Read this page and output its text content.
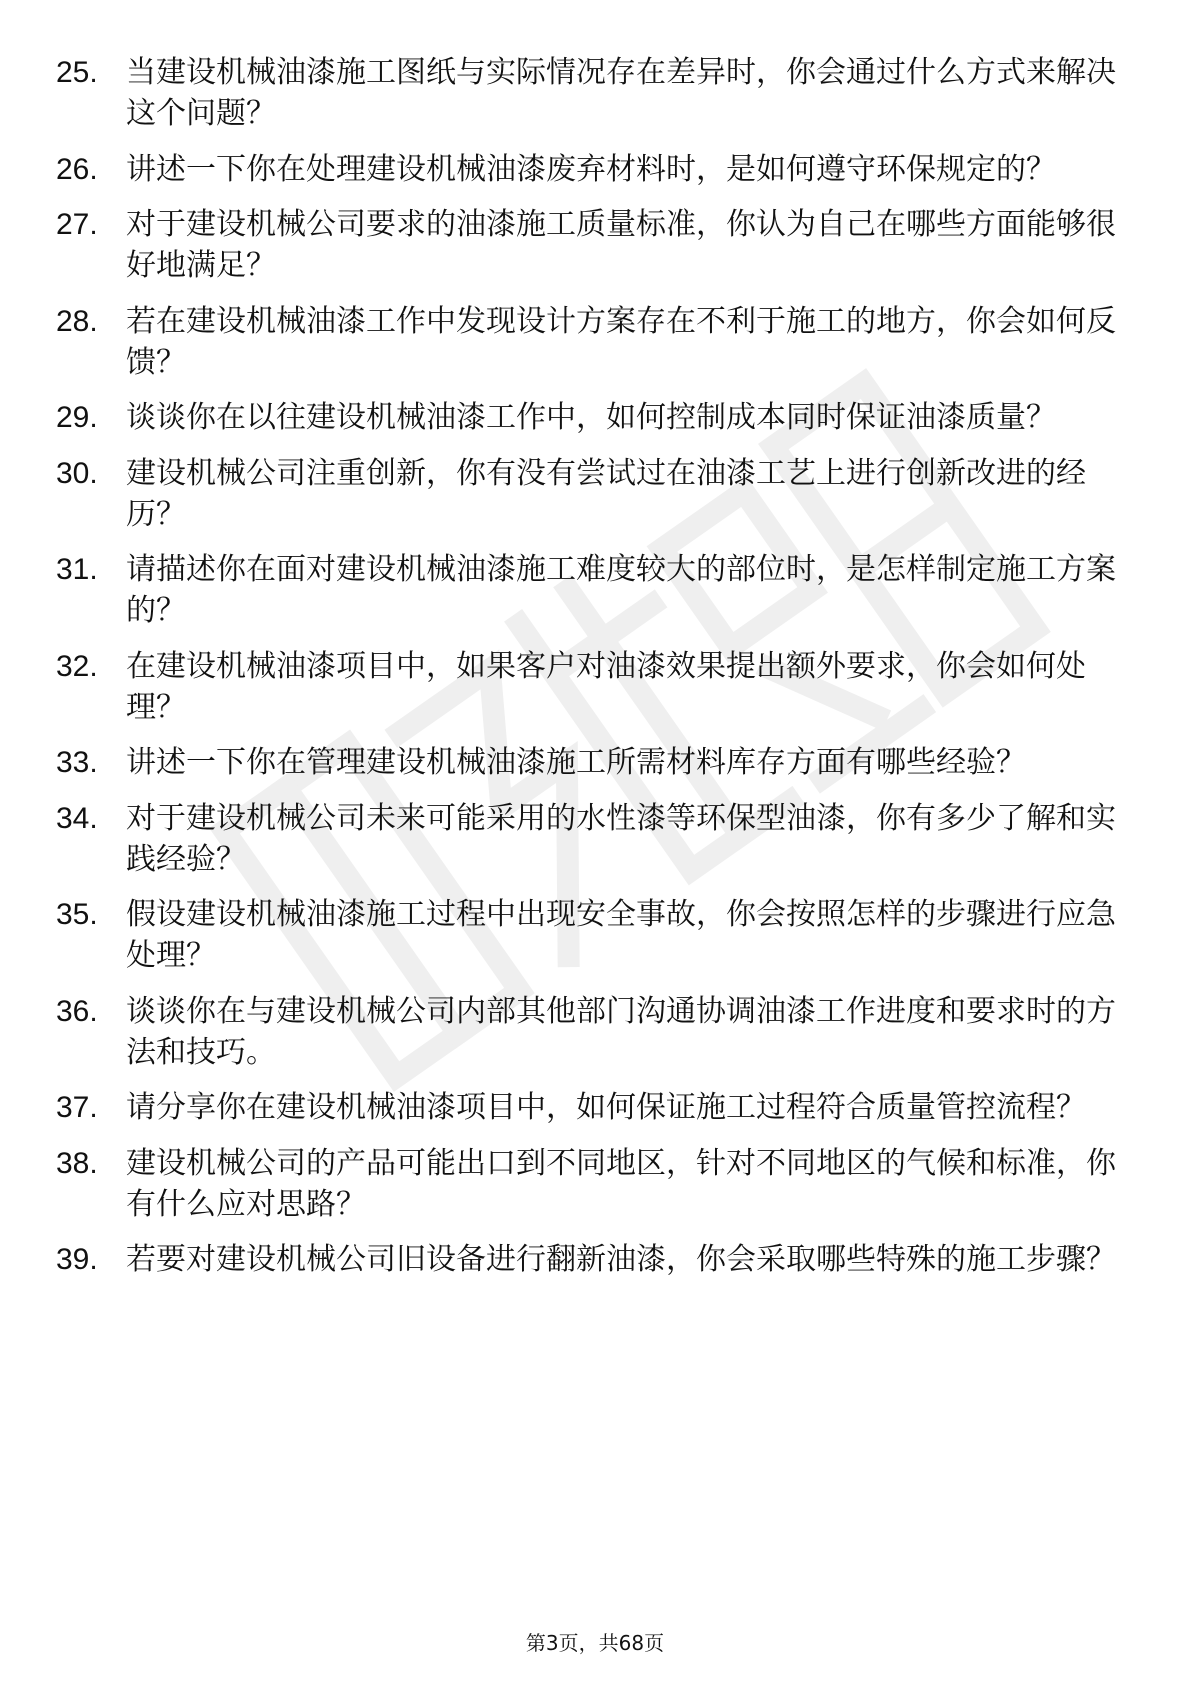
25. 当建设机械油漆施工图纸与实际情况存在差异时，你会通过什么方式来解决这个问题？
26. 讲述一下你在处理建设机械油漆废弃材料时，是如何遵守环保规定的？
27. 对于建设机械公司要求的油漆施工质量标准，你认为自己在哪些方面能够很好地满足？
28. 若在建设机械油漆工作中发现设计方案存在不利于施工的地方，你会如何反馈？
29. 谈谈你在以往建设机械油漆工作中，如何控制成本同时保证油漆质量？
30. 建设机械公司注重创新，你有没有尝试过在油漆工艺上进行创新改进的经历？
31. 请描述你在面对建设机械油漆施工难度较大的部位时，是怎样制定施工方案的？
32. 在建设机械油漆项目中，如果客户对油漆效果提出额外要求，你会如何处理？
33. 讲述一下你在管理建设机械油漆施工所需材料库存方面有哪些经验？
34. 对于建设机械公司未来可能采用的水性漆等环保型油漆，你有多少了解和实践经验？
35. 假设建设机械油漆施工过程中出现安全事故，你会按照怎样的步骤进行应急处理？
36. 谈谈你在与建设机械公司内部其他部门沟通协调油漆工作进度和要求时的方法和技巧。
37. 请分享你在建设机械油漆项目中，如何保证施工过程符合质量管控流程？
38. 建设机械公司的产品可能出口到不同地区，针对不同地区的气候和标准，你有什么应对思路？
39. 若要对建设机械公司旧设备进行翻新油漆，你会采取哪些特殊的施工步骤？
第3页，共68页
